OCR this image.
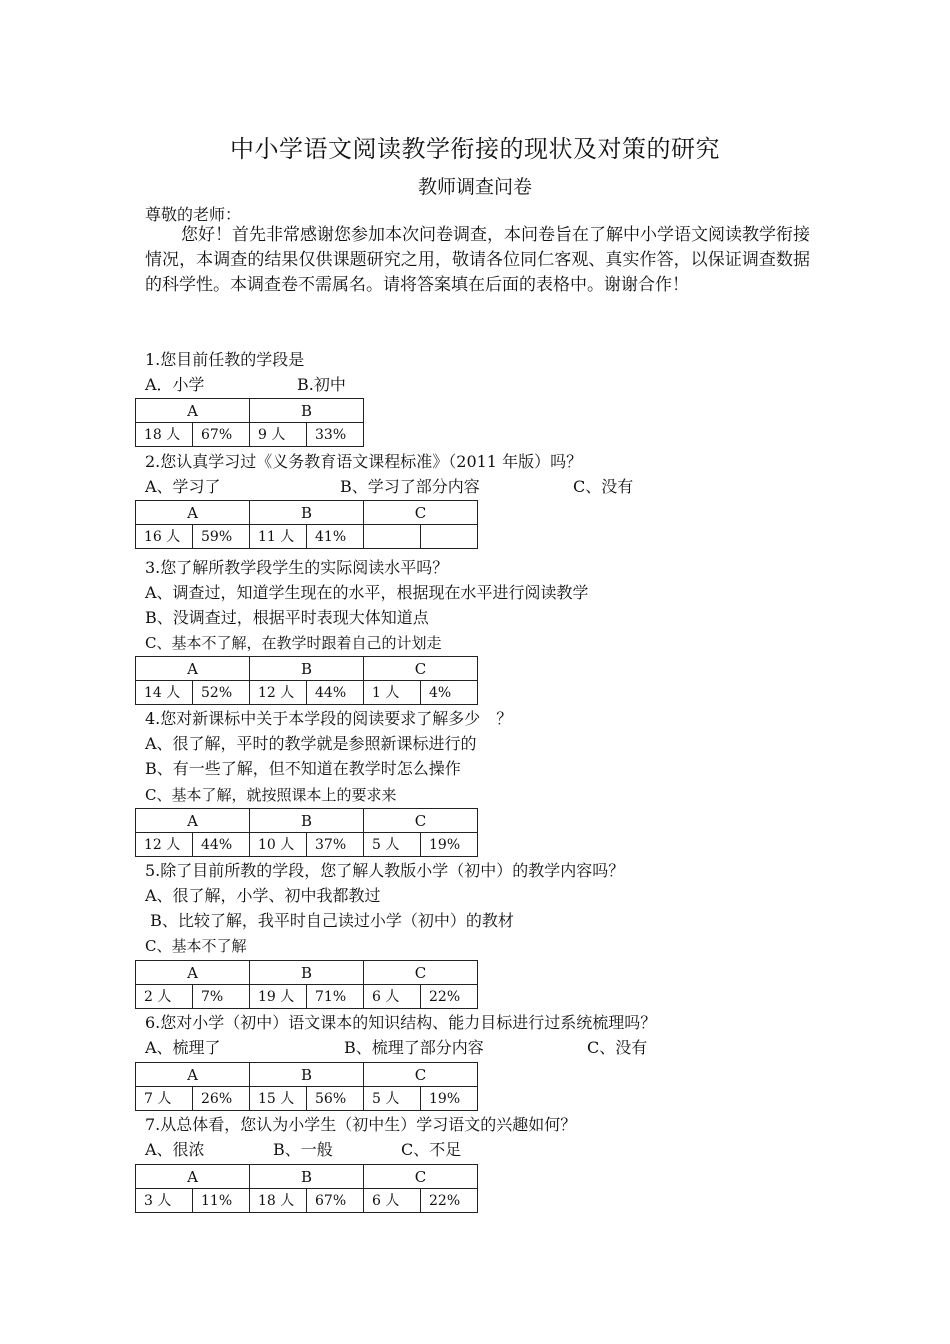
中小学语文阅读教学衔接的现状及对策的研究
教师调查问卷
尊敬的老师：

您好！首先非常感谢您参加本次问卷调查，本问卷旨在了解中小学语文阅读教学衔接情况，本调查的结果仅供课题研究之用，敬请各位同仁客观、真实作答，以保证调查数据的科学性。本调查卷不需属名。请将答案填在后面的表格中。谢谢合作！

1.您目前任教的学段是
A．小学	B.初中
A		B	
18 人	67%	9 人	33%
2.您认真学习过《义务教育语文课程标准》（2011 年版）吗？
A、学习了	B、学习了部分内容	C、没有
A		B		C	
16 人	59%	11 人	41%		
3.您了解所教学段学生的实际阅读水平吗？
A、调查过，知道学生现在的水平，根据现在水平进行阅读教学
B、没调查过，根据平时表现大体知道点
C、基本不了解，在教学时跟着自己的计划走
A		B		C	
14 人	52%	12 人	44%	1 人	4%
4.您对新课标中关于本学段的阅读要求了解多少　？
A、很了解，平时的教学就是参照新课标进行的
B、有一些了解，但不知道在教学时怎么操作
C、基本了解，就按照课本上的要求来
A		B		C	
12 人	44%	10 人	37%	5 人	19%
5.除了目前所教的学段，您了解人教版小学（初中）的教学内容吗？
A、很了解，小学、初中我都教过
B、比较了解，我平时自己读过小学（初中）的教材
C、基本不了解
A		B		C	
2 人	7%	19 人	71%	6 人	22%
6.您对小学（初中）语文课本的知识结构、能力目标进行过系统梳理吗？
A、梳理了	B、梳理了部分内容	C、没有
A		B		C	
7 人	26%	15 人	56%	5 人	19%
7.从总体看，您认为小学生（初中生）学习语文的兴趣如何？
A、很浓	B、一般	C、不足
A		B		C	
3 人	11%	18 人	67%	6 人	22%
